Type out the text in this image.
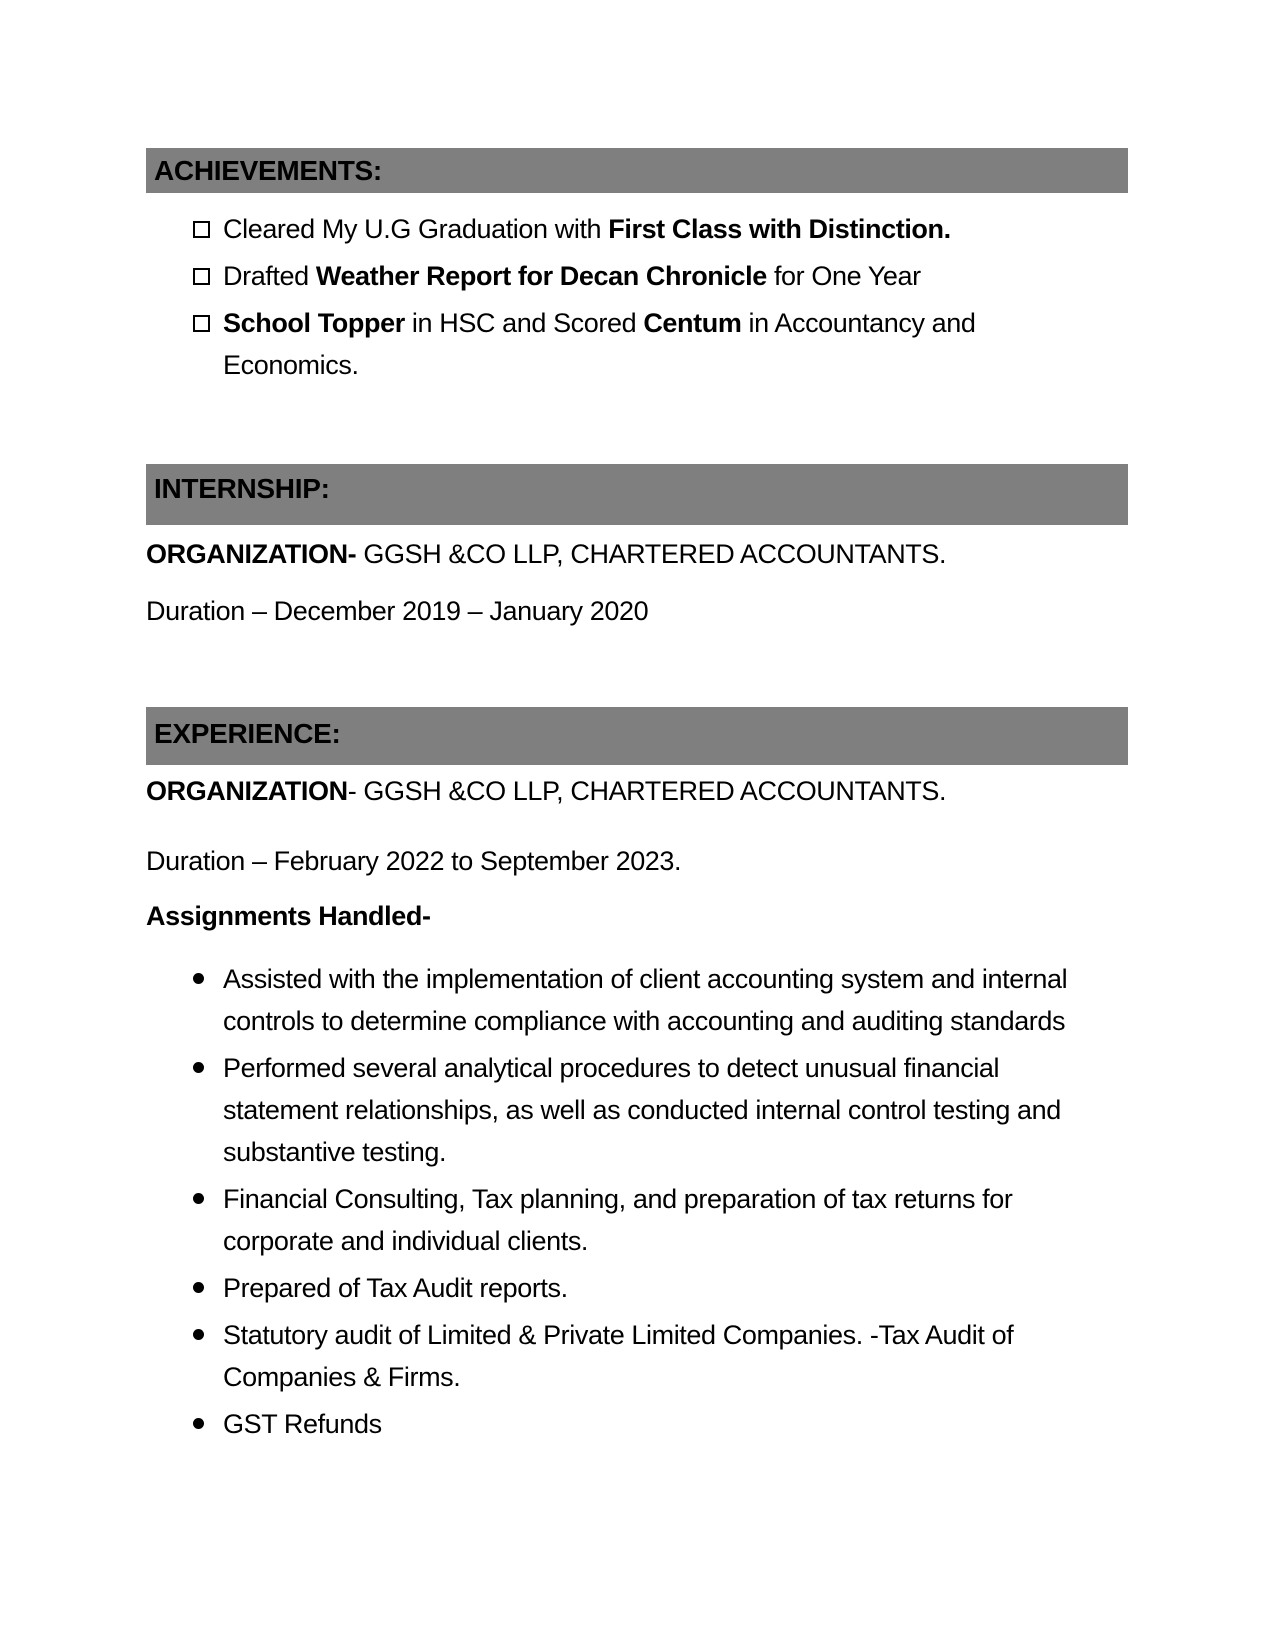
ACHIEVEMENTS:
Cleared My U.G Graduation with First Class with Distinction.
Drafted Weather Report for Decan Chronicle for One Year
School Topper in HSC and Scored Centum in Accountancy and Economics.
INTERNSHIP:

ORGANIZATION- GGSH &CO LLP, CHARTERED ACCOUNTANTS.

Duration – December 2019 – January 2020

EXPERIENCE:

ORGANIZATION- GGSH &CO LLP, CHARTERED ACCOUNTANTS.

Duration – February 2022 to September 2023.

Assignments Handled-

Assisted with the implementation of client accounting system and internal controls to determine compliance with accounting and auditing standards
Performed several analytical procedures to detect unusual financial statement relationships, as well as conducted internal control testing and substantive testing.
Financial Consulting, Tax planning, and preparation of tax returns for corporate and individual clients.
Prepared of Tax Audit reports.
Statutory audit of Limited & Private Limited Companies. -Tax Audit of Companies & Firms.
GST Refunds
